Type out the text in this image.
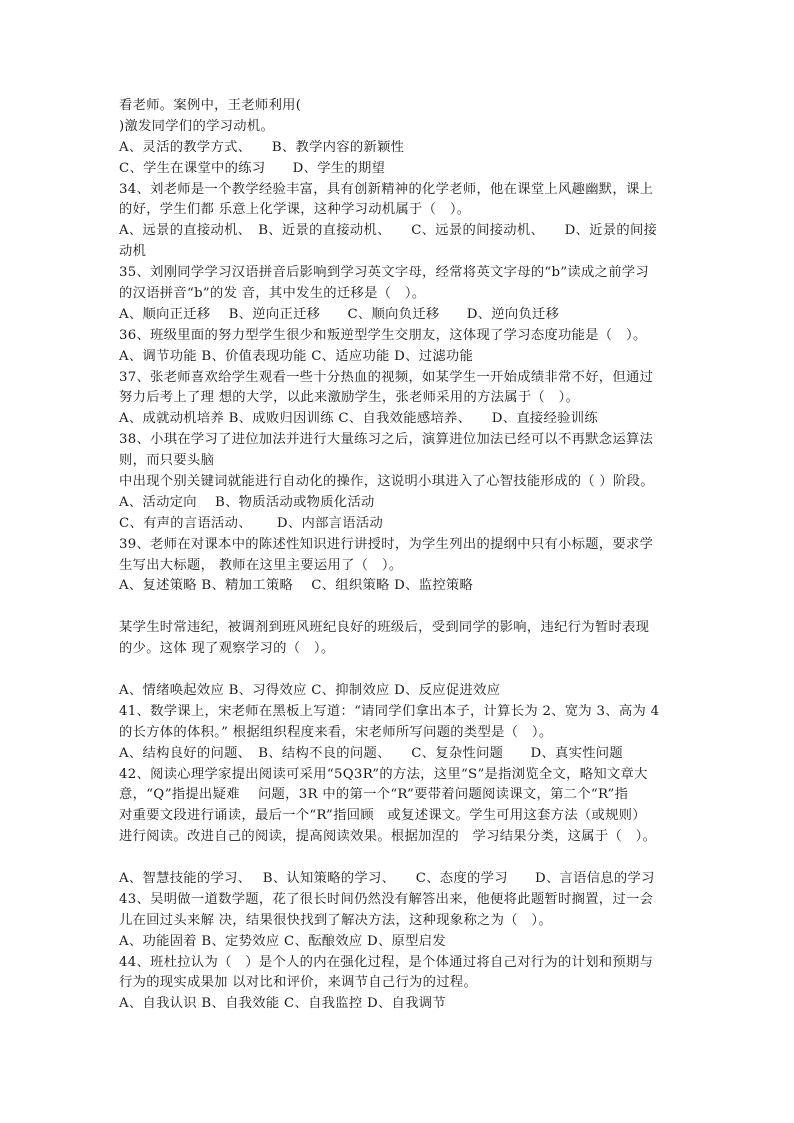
看老师。案例中，王老师利用(
)激发同学们的学习动机。
A、灵活的教学方式、　　B、教学内容的新颖性
C、学生在课堂中的练习　　D、学生的期望
34、刘老师是一个教学经验丰富，具有创新精神的化学老师，他在课堂上风趣幽默，课上
的好，学生们都 乐意上化学课，这种学习动机属于（　）。
A、远景的直接动机、　B、近景的直接动机、　　C、远景的间接动机、　　D、近景的间接
动机
35、刘刚同学学习汉语拼音后影响到学习英文字母，经常将英文字母的“b”读成之前学习
的汉语拼音“b”的发 音，其中发生的迁移是（　）。
A、顺向正迁移　 B、逆向正迁移　　C、顺向负迁移　　D、逆向负迁移
36、班级里面的努力型学生很少和叛逆型学生交朋友，这体现了学习态度功能是（　）。
A、调节功能 B、价值表现功能 C、适应功能 D、过滤功能
37、张老师喜欢给学生观看一些十分热血的视频，如某学生一开始成绩非常不好，但通过
努力后考上了理 想的大学，以此来激励学生，张老师采用的方法属于（　）。
A、成就动机培养 B、成败归因训练 C、自我效能感培养、　　D、直接经验训练
38、小琪在学习了进位加法并进行大量练习之后，演算进位加法已经可以不再默念运算法
则，而只要头脑
中出现个别关键词就能进行自动化的操作，这说明小琪进入了心智技能形成的（ ）阶段。
A、活动定向　 B、物质活动或物质化活动
C、有声的言语活动、　　 D、内部言语活动
39、老师在对课本中的陈述性知识进行讲授时，为学生列出的提纲中只有小标题，要求学
生写出大标题， 教师在这里主要运用了（　）。
A、复述策略 B、精加工策略　 C、组织策略 D、监控策略
某学生时常违纪，被调剂到班风班纪良好的班级后，受到同学的影响，违纪行为暂时表现
的少。这体 现了观察学习的（　）。
A、情绪唤起效应 B、习得效应 C、抑制效应 D、反应促进效应
41、数学课上，宋老师在黑板上写道：“请同学们拿出本子，计算长为 2、宽为 3、高为 4
的长方体的体积。” 根据组织程度来看，宋老师所写问题的类型是（　）。
A、结构良好的问题、　B、结构不良的问题、　　C、复杂性问题　　D、真实性问题
42、阅读心理学家提出阅读可采用“5Q3R”的方法，这里“S”是指浏览全文，略知文章大
意，“Q”指提出疑难　 问题，3R 中的第一个“R”要带着问题阅读课文，第二个“R”指
对重要文段进行诵读，最后一个“R”指回顾　或复述课文。学生可用这套方法（或规则）
进行阅读。改进自己的阅读，提高阅读效果。根据加涅的　学习结果分类，这属于（　）。
A、智慧技能的学习、　 B、认知策略的学习、　　C、态度的学习　　D、言语信息的学习
43、吴明做一道数学题，花了很长时间仍然没有解答出来，他便将此题暂时搁置，过一会
儿在回过头来解 决，结果很快找到了解决方法，这种现象称之为（　）。
A、功能固着 B、定势效应 C、酝酿效应 D、原型启发
44、班杜拉认为（　）是个人的内在强化过程，是个体通过将自己对行为的计划和预期与
行为的现实成果加 以对比和评价，来调节自己行为的过程。
A、自我认识 B、自我效能 C、自我监控 D、自我调节
